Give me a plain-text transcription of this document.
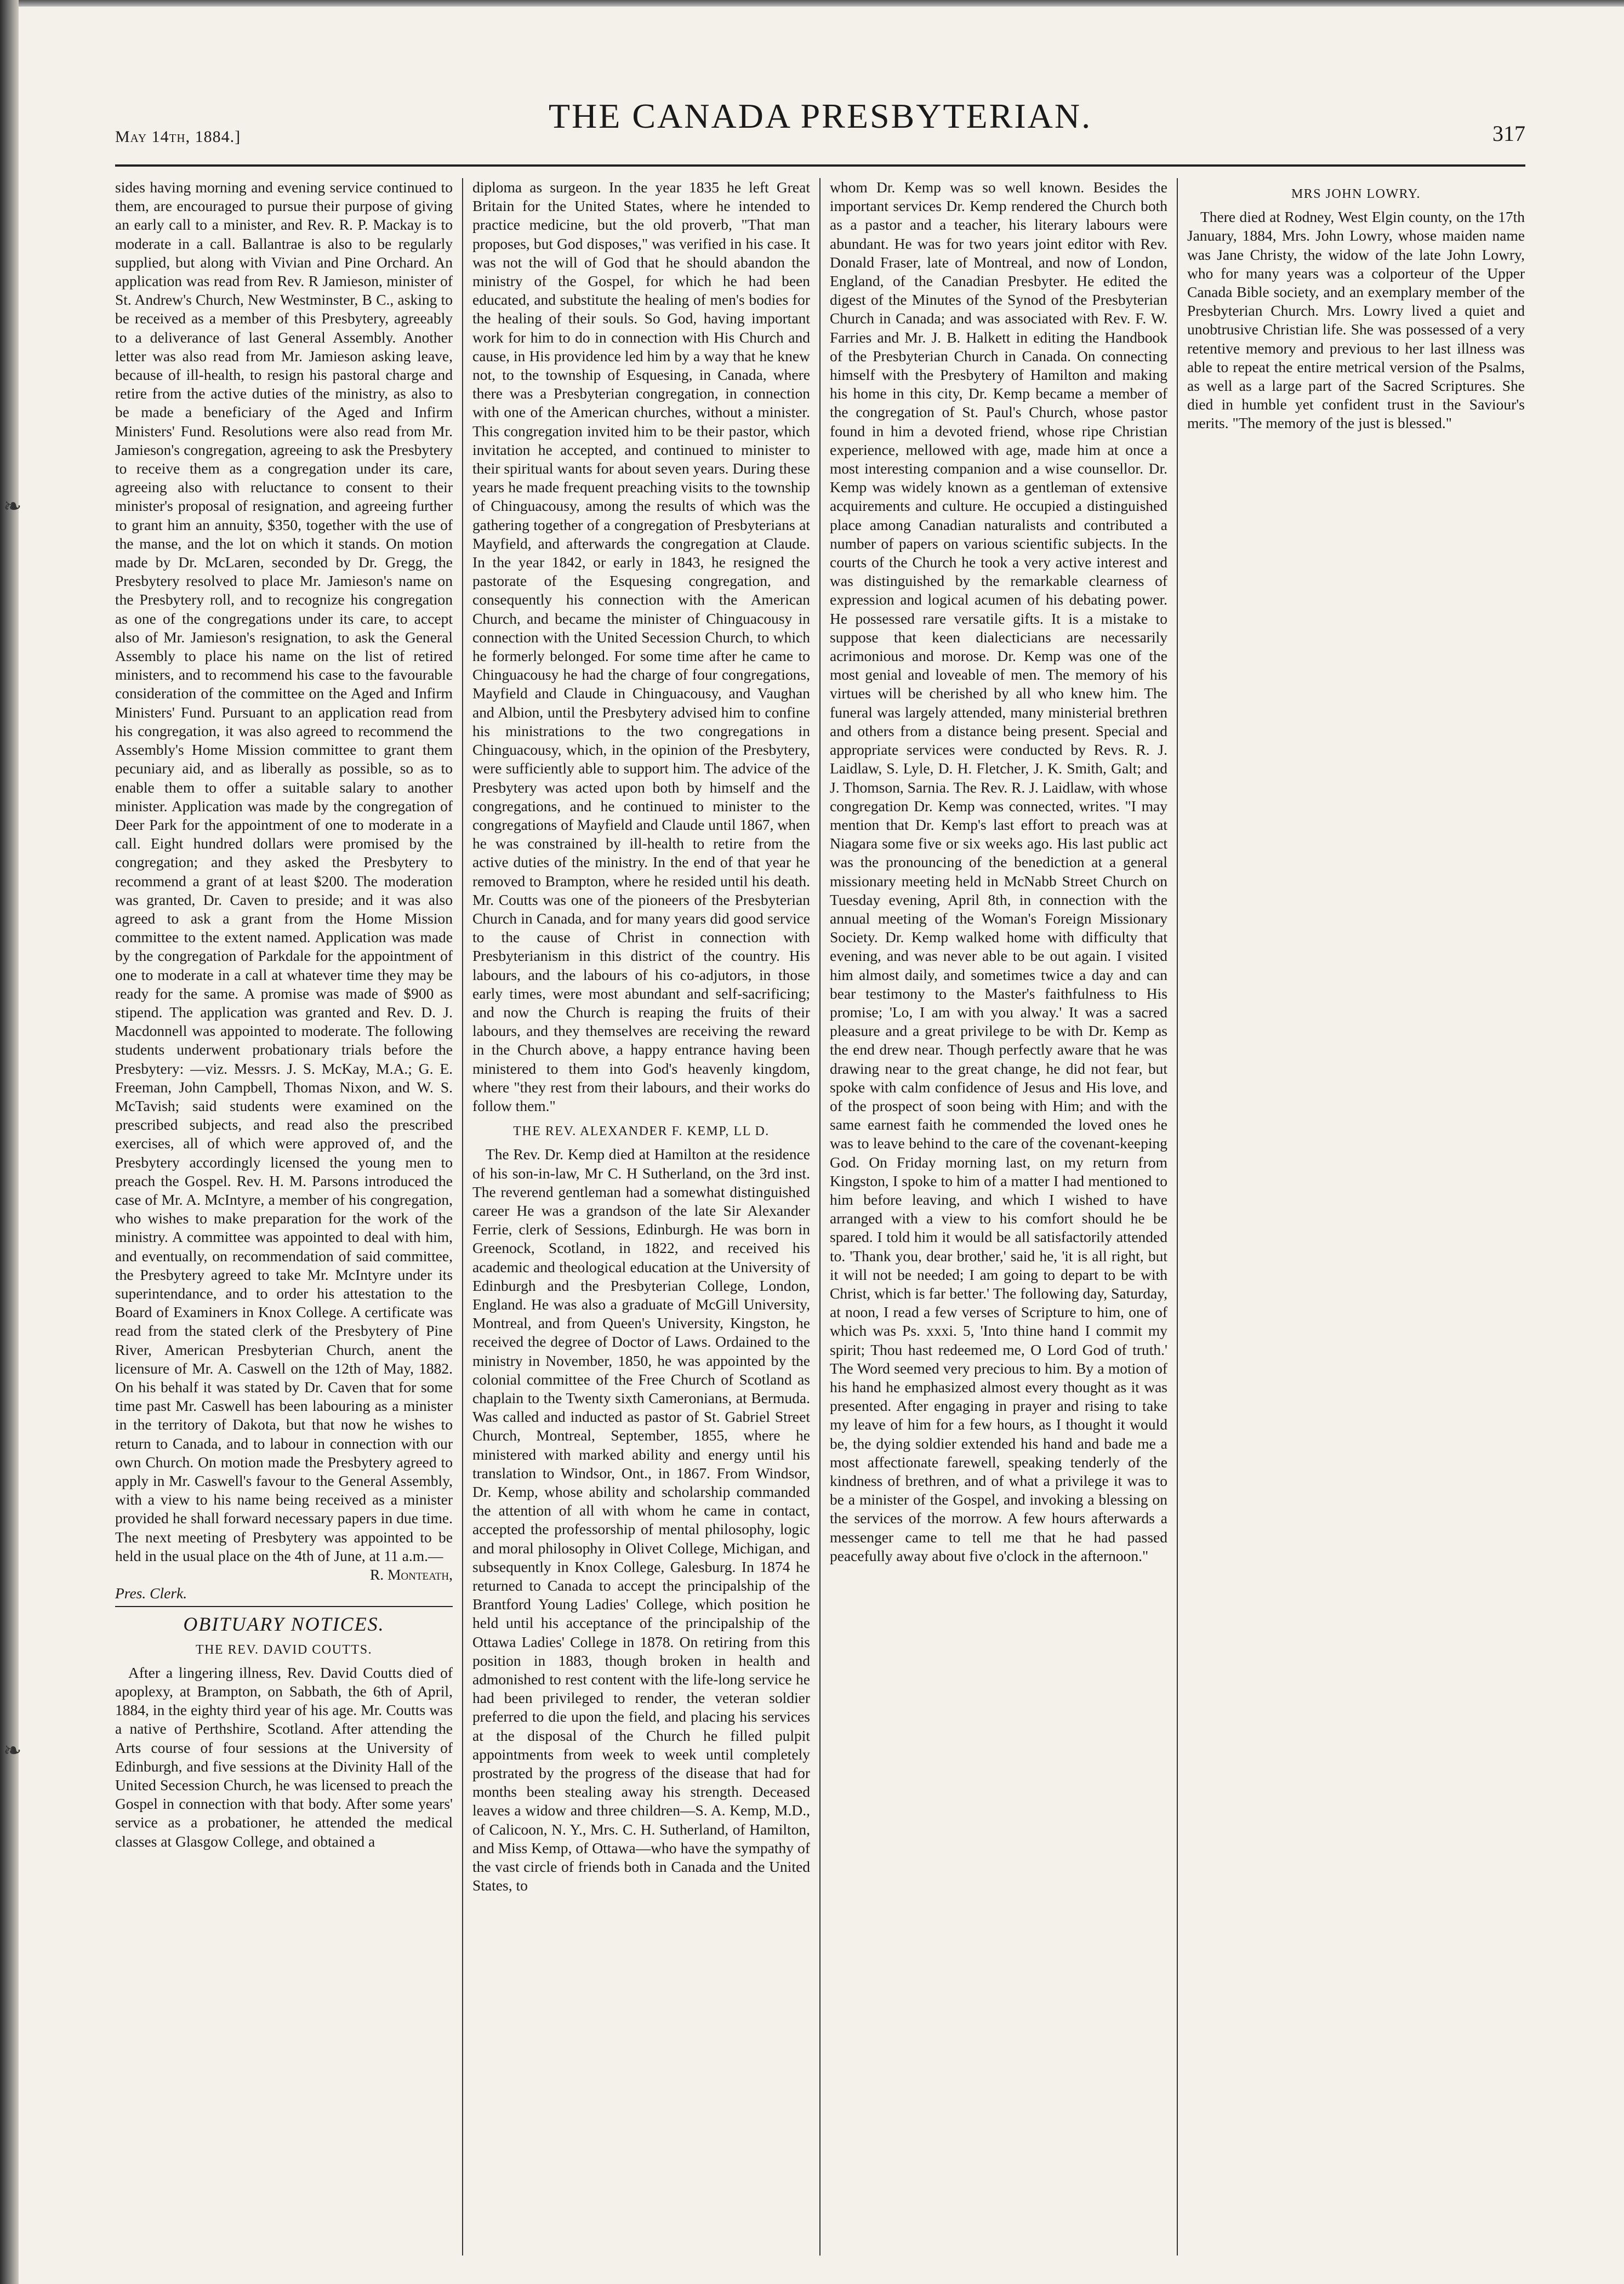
❧
❧
May 14th, 1884.]
THE CANADA PRESBYTERIAN.	317

sides having morning and evening service continued to them, are encouraged to pursue their purpose of giving an early call to a minister, and Rev. R. P. Mackay is to moderate in a call. Ballantrae is also to be regularly supplied, but along with Vivian and Pine Orchard. An application was read from Rev. R Jamieson, minister of St. Andrew's Church, New Westminster, B C., asking to be received as a member of this Presbytery, agreeably to a deliverance of last General Assembly. Another letter was also read from Mr. Jamieson asking leave, because of ill-health, to resign his pastoral charge and retire from the active duties of the ministry, as also to be made a beneficiary of the Aged and Infirm Ministers' Fund. Resolutions were also read from Mr. Jamieson's congregation, agreeing to ask the Presbytery to receive them as a congregation under its care, agreeing also with reluctance to consent to their minister's proposal of resignation, and agreeing further to grant him an annuity, $350, together with the use of the manse, and the lot on which it stands. On motion made by Dr. McLaren, seconded by Dr. Gregg, the Presbytery resolved to place Mr. Jamieson's name on the Presbytery roll, and to recognize his congregation as one of the congregations under its care, to accept also of Mr. Jamieson's resignation, to ask the General Assembly to place his name on the list of retired ministers, and to recommend his case to the favourable consideration of the committee on the Aged and Infirm Ministers' Fund. Pursuant to an application read from his congregation, it was also agreed to recommend the Assembly's Home Mission committee to grant them pecuniary aid, and as liberally as possible, so as to enable them to offer a suitable salary to another minister. Application was made by the congregation of Deer Park for the appointment of one to moderate in a call. Eight hundred dollars were promised by the congregation; and they asked the Presbytery to recommend a grant of at least $200. The moderation was granted, Dr. Caven to preside; and it was also agreed to ask a grant from the Home Mission committee to the extent named. Application was made by the congregation of Parkdale for the appointment of one to moderate in a call at whatever time they may be ready for the same. A promise was made of $900 as stipend. The application was granted and Rev. D. J. Macdonnell was appointed to moderate. The following students underwent probationary trials before the Presbytery: —viz. Messrs. J. S. McKay, M.A.; G. E. Freeman, John Campbell, Thomas Nixon, and W. S. McTavish; said students were examined on the prescribed subjects, and read also the prescribed exercises, all of which were approved of, and the Presbytery accordingly licensed the young men to preach the Gospel. Rev. H. M. Parsons introduced the case of Mr. A. McIntyre, a member of his congregation, who wishes to make preparation for the work of the ministry. A committee was appointed to deal with him, and eventually, on recommendation of said committee, the Presbytery agreed to take Mr. McIntyre under its superintendance, and to order his attestation to the Board of Examiners in Knox College. A certificate was read from the stated clerk of the Presbytery of Pine River, American Presbyterian Church, anent the licensure of Mr. A. Caswell on the 12th of May, 1882. On his behalf it was stated by Dr. Caven that for some time past Mr. Caswell has been labouring as a minister in the territory of Dakota, but that now he wishes to return to Canada, and to labour in connection with our own Church. On motion made the Presbytery agreed to apply in Mr. Caswell's favour to the General Assembly, with a view to his name being received as a minister provided he shall forward necessary papers in due time. The next meeting of Presbytery was appointed to be held in the usual place on the 4th of June, at 11 a.m.—

R. Monteath,

Pres. Clerk.

OBITUARY NOTICES.
THE REV. DAVID COUTTS.

After a lingering illness, Rev. David Coutts died of apoplexy, at Brampton, on Sabbath, the 6th of April, 1884, in the eighty third year of his age. Mr. Coutts was a native of Perthshire, Scotland. After attending the Arts course of four sessions at the University of Edinburgh, and five sessions at the Divinity Hall of the United Secession Church, he was licensed to preach the Gospel in connection with that body. After some years' service as a probationer, he attended the medical classes at Glasgow College, and obtained a

diploma as surgeon. In the year 1835 he left Great Britain for the United States, where he intended to practice medicine, but the old proverb, "That man proposes, but God disposes," was verified in his case. It was not the will of God that he should abandon the ministry of the Gospel, for which he had been educated, and substitute the healing of men's bodies for the healing of their souls. So God, having important work for him to do in connection with His Church and cause, in His providence led him by a way that he knew not, to the township of Esquesing, in Canada, where there was a Presbyterian congregation, in connection with one of the American churches, without a minister. This congregation invited him to be their pastor, which invitation he accepted, and continued to minister to their spiritual wants for about seven years. During these years he made frequent preaching visits to the township of Chinguacousy, among the results of which was the gathering together of a congregation of Presbyterians at Mayfield, and afterwards the congregation at Claude. In the year 1842, or early in 1843, he resigned the pastorate of the Esquesing congregation, and consequently his connection with the American Church, and became the minister of Chinguacousy in connection with the United Secession Church, to which he formerly belonged. For some time after he came to Chinguacousy he had the charge of four congregations, Mayfield and Claude in Chinguacousy, and Vaughan and Albion, until the Presbytery advised him to confine his ministrations to the two congregations in Chinguacousy, which, in the opinion of the Presbytery, were sufficiently able to support him. The advice of the Presbytery was acted upon both by himself and the congregations, and he continued to minister to the congregations of Mayfield and Claude until 1867, when he was constrained by ill-health to retire from the active duties of the ministry. In the end of that year he removed to Brampton, where he resided until his death. Mr. Coutts was one of the pioneers of the Presbyterian Church in Canada, and for many years did good service to the cause of Christ in connection with Presbyterianism in this district of the country. His labours, and the labours of his co-adjutors, in those early times, were most abundant and self-sacrificing; and now the Church is reaping the fruits of their labours, and they themselves are receiving the reward in the Church above, a happy entrance having been ministered to them into God's heavenly kingdom, where "they rest from their labours, and their works do follow them."

THE REV. ALEXANDER F. KEMP, LL D.

The Rev. Dr. Kemp died at Hamilton at the residence of his son-in-law, Mr C. H Sutherland, on the 3rd inst. The reverend gentleman had a somewhat distinguished career He was a grandson of the late Sir Alexander Ferrie, clerk of Sessions, Edinburgh. He was born in Greenock, Scotland, in 1822, and received his academic and theological education at the University of Edinburgh and the Presbyterian College, London, England. He was also a graduate of McGill University, Montreal, and from Queen's University, Kingston, he received the degree of Doctor of Laws. Ordained to the ministry in November, 1850, he was appointed by the colonial committee of the Free Church of Scotland as chaplain to the Twenty sixth Cameronians, at Bermuda. Was called and inducted as pastor of St. Gabriel Street Church, Montreal, September, 1855, where he ministered with marked ability and energy until his translation to Windsor, Ont., in 1867. From Windsor, Dr. Kemp, whose ability and scholarship commanded the attention of all with whom he came in contact, accepted the professorship of mental philosophy, logic and moral philosophy in Olivet College, Michigan, and subsequently in Knox College, Galesburg. In 1874 he returned to Canada to accept the principalship of the Brantford Young Ladies' College, which position he held until his acceptance of the principalship of the Ottawa Ladies' College in 1878. On retiring from this position in 1883, though broken in health and admonished to rest content with the life-long service he had been privileged to render, the veteran soldier preferred to die upon the field, and placing his services at the disposal of the Church he filled pulpit appointments from week to week until completely prostrated by the progress of the disease that had for months been stealing away his strength. Deceased leaves a widow and three children—S. A. Kemp, M.D., of Calicoon, N. Y., Mrs. C. H. Sutherland, of Hamilton, and Miss Kemp, of Ottawa—who have the sympathy of the vast circle of friends both in Canada and the United States, to

whom Dr. Kemp was so well known. Besides the important services Dr. Kemp rendered the Church both as a pastor and a teacher, his literary labours were abundant. He was for two years joint editor with Rev. Donald Fraser, late of Montreal, and now of London, England, of the Canadian Presbyter. He edited the digest of the Minutes of the Synod of the Presbyterian Church in Canada; and was associated with Rev. F. W. Farries and Mr. J. B. Halkett in editing the Handbook of the Presbyterian Church in Canada. On connecting himself with the Presbytery of Hamilton and making his home in this city, Dr. Kemp became a member of the congregation of St. Paul's Church, whose pastor found in him a devoted friend, whose ripe Christian experience, mellowed with age, made him at once a most interesting companion and a wise counsellor. Dr. Kemp was widely known as a gentleman of extensive acquirements and culture. He occupied a distinguished place among Canadian naturalists and contributed a number of papers on various scientific subjects. In the courts of the Church he took a very active interest and was distinguished by the remarkable clearness of expression and logical acumen of his debating power. He possessed rare versatile gifts. It is a mistake to suppose that keen dialecticians are necessarily acrimonious and morose. Dr. Kemp was one of the most genial and loveable of men. The memory of his virtues will be cherished by all who knew him. The funeral was largely attended, many ministerial brethren and others from a distance being present. Special and appropriate services were conducted by Revs. R. J. Laidlaw, S. Lyle, D. H. Fletcher, J. K. Smith, Galt; and J. Thomson, Sarnia. The Rev. R. J. Laidlaw, with whose congregation Dr. Kemp was connected, writes. "I may mention that Dr. Kemp's last effort to preach was at Niagara some five or six weeks ago. His last public act was the pronouncing of the benediction at a general missionary meeting held in McNabb Street Church on Tuesday evening, April 8th, in connection with the annual meeting of the Woman's Foreign Missionary Society. Dr. Kemp walked home with difficulty that evening, and was never able to be out again. I visited him almost daily, and sometimes twice a day and can bear testimony to the Master's faithfulness to His promise; 'Lo, I am with you alway.' It was a sacred pleasure and a great privilege to be with Dr. Kemp as the end drew near. Though perfectly aware that he was drawing near to the great change, he did not fear, but spoke with calm confidence of Jesus and His love, and of the prospect of soon being with Him; and with the same earnest faith he commended the loved ones he was to leave behind to the care of the covenant-keeping God. On Friday morning last, on my return from Kingston, I spoke to him of a matter I had mentioned to him before leaving, and which I wished to have arranged with a view to his comfort should he be spared. I told him it would be all satisfactorily attended to. 'Thank you, dear brother,' said he, 'it is all right, but it will not be needed; I am going to depart to be with Christ, which is far better.' The following day, Saturday, at noon, I read a few verses of Scripture to him, one of which was Ps. xxxi. 5, 'Into thine hand I commit my spirit; Thou hast redeemed me, O Lord God of truth.' The Word seemed very precious to him. By a motion of his hand he emphasized almost every thought as it was presented. After engaging in prayer and rising to take my leave of him for a few hours, as I thought it would be, the dying soldier extended his hand and bade me a most affectionate farewell, speaking tenderly of the kindness of brethren, and of what a privilege it was to be a minister of the Gospel, and invoking a blessing on the services of the morrow. A few hours afterwards a messenger came to tell me that he had passed peacefully away about five o'clock in the afternoon."

MRS JOHN LOWRY.

There died at Rodney, West Elgin county, on the 17th January, 1884, Mrs. John Lowry, whose maiden name was Jane Christy, the widow of the late John Lowry, who for many years was a colporteur of the Upper Canada Bible society, and an exemplary member of the Presbyterian Church. Mrs. Lowry lived a quiet and unobtrusive Christian life. She was possessed of a very retentive memory and previous to her last illness was able to repeat the entire metrical version of the Psalms, as well as a large part of the Sacred Scriptures. She died in humble yet confident trust in the Saviour's merits. "The memory of the just is blessed."
